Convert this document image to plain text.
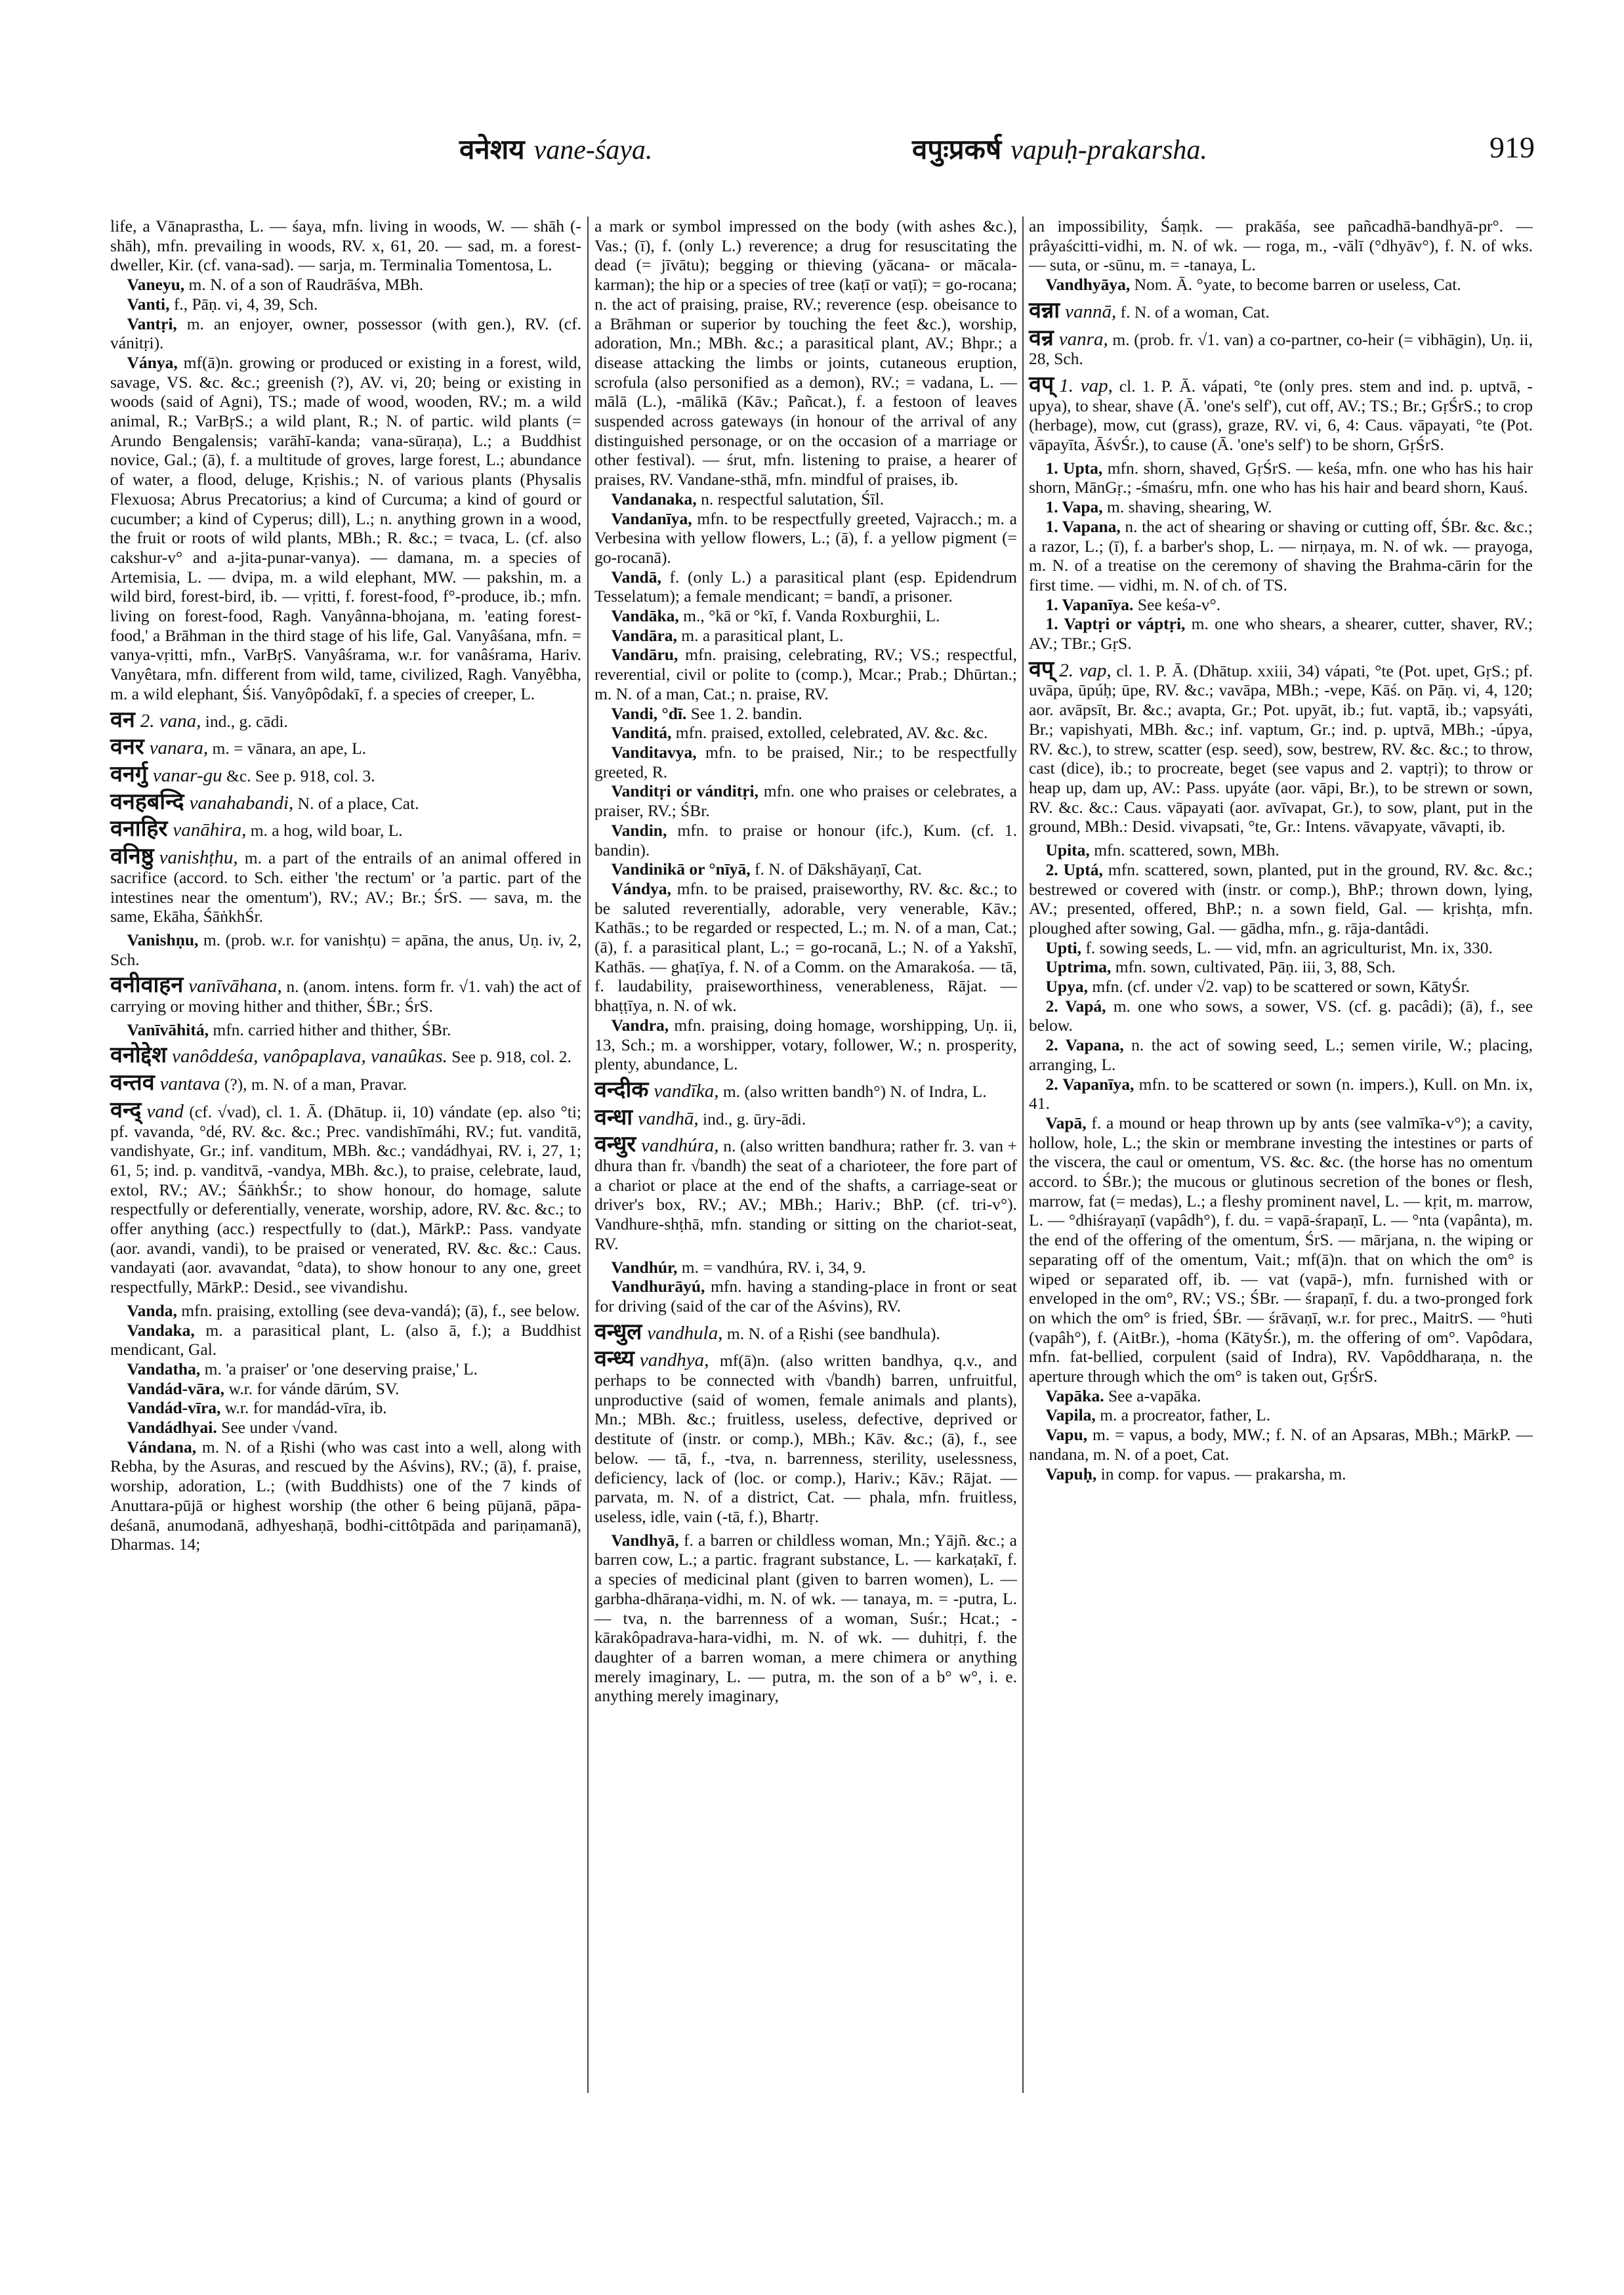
वनेशय vane-śaya.	वपुःप्रकर्ष vapuḥ-prakarsha.	919

life, a Vānaprastha, L. — śaya, mfn. living in woods, W. — shāh (-shāh), mfn. prevailing in woods, RV. x, 61, 20. — sad, m. a forest-dweller, Kir. (cf. vana-sad). — sarja, m. Terminalia Tomentosa, L.

Vaneyu, m. N. of a son of Raudrāśva, MBh.

Vanti, f., Pāṇ. vi, 4, 39, Sch.

Vantṛi, m. an enjoyer, owner, possessor (with gen.), RV. (cf. vánitṛi).

Ványa, mf(ā)n. growing or produced or existing in a forest, wild, savage, VS. &c. &c.; greenish (?), AV. vi, 20; being or existing in woods (said of Agni), TS.; made of wood, wooden, RV.; m. a wild animal, R.; VarBṛS.; a wild plant, R.; N. of partic. wild plants (= Arundo Bengalensis; varāhī-kanda; vana-sūraṇa), L.; a Buddhist novice, Gal.; (ā), f. a multitude of groves, large forest, L.; abundance of water, a flood, deluge, Kṛishis.; N. of various plants (Physalis Flexuosa; Abrus Precatorius; a kind of Curcuma; a kind of gourd or cucumber; a kind of Cyperus; dill), L.; n. anything grown in a wood, the fruit or roots of wild plants, MBh.; R. &c.; = tvaca, L. (cf. also cakshur-v° and a-jita-punar-vanya). — damana, m. a species of Artemisia, L. — dvipa, m. a wild elephant, MW. — pakshin, m. a wild bird, forest-bird, ib. — vṛitti, f. forest-food, f°-produce, ib.; mfn. living on forest-food, Ragh. Vanyânna-bhojana, m. 'eating forest-food,' a Brāhman in the third stage of his life, Gal. Vanyâśana, mfn. = vanya-vṛitti, mfn., VarBṛS. Vanyâśrama, w.r. for vanâśrama, Hariv. Vanyêtara, mfn. different from wild, tame, civilized, Ragh. Vanyêbha, m. a wild elephant, Śiś. Vanyôpôdakī, f. a species of creeper, L.

वन 2. vana, ind., g. cādi.

वनर vanara, m. = vānara, an ape, L.

वनर्गु vanar-gu &c. See p. 918, col. 3.

वनहबन्दि vanahabandi, N. of a place, Cat.

वनाहिर vanāhira, m. a hog, wild boar, L.

वनिष्ठु vanishṭhu, m. a part of the entrails of an animal offered in sacrifice (accord. to Sch. either 'the rectum' or 'a partic. part of the intestines near the omentum'), RV.; AV.; Br.; ŚrS. — sava, m. the same, Ekāha, ŚāṅkhŚr.

Vanishṇu, m. (prob. w.r. for vanishṭu) = apāna, the anus, Uṇ. iv, 2, Sch.

वनीवाहन vanīvāhana, n. (anom. intens. form fr. √1. vah) the act of carrying or moving hither and thither, ŚBr.; ŚrS.

Vanīvāhitá, mfn. carried hither and thither, ŚBr.

वनोद्देश vanôddeśa, vanôpaplava, vanaûkas. See p. 918, col. 2.

वन्तव vantava (?), m. N. of a man, Pravar.

वन्द् vand (cf. √vad), cl. 1. Ā. (Dhātup. ii, 10) vándate (ep. also °ti; pf. vavanda, °dé, RV. &c. &c.; Prec. vandishīmáhi, RV.; fut. vanditā, vandishyate, Gr.; inf. vanditum, MBh. &c.; vandádhyai, RV. i, 27, 1; 61, 5; ind. p. vanditvā, -vandya, MBh. &c.), to praise, celebrate, laud, extol, RV.; AV.; ŚāṅkhŚr.; to show honour, do homage, salute respectfully or deferentially, venerate, worship, adore, RV. &c. &c.; to offer anything (acc.) respectfully to (dat.), MārkP.: Pass. vandyate (aor. avandi, vandi), to be praised or venerated, RV. &c. &c.: Caus. vandayati (aor. avavandat, °data), to show honour to any one, greet respectfully, MārkP.: Desid., see vivandishu.

Vanda, mfn. praising, extolling (see deva-vandá); (ā), f., see below.

Vandaka, m. a parasitical plant, L. (also ā, f.); a Buddhist mendicant, Gal.

Vandatha, m. 'a praiser' or 'one deserving praise,' L.

Vandád-vāra, w.r. for vánde dārúm, SV.

Vandád-vīra, w.r. for mandád-vīra, ib.

Vandádhyai. See under √vand.

Vándana, m. N. of a Ṛishi (who was cast into a well, along with Rebha, by the Asuras, and rescued by the Aśvins), RV.; (ā), f. praise, worship, adoration, L.; (with Buddhists) one of the 7 kinds of Anuttara-pūjā or highest worship (the other 6 being pūjanā, pāpa-deśanā, anumodanā, adhyeshaṇā, bodhi-cittôtpāda and pariṇamanā), Dharmas. 14;

a mark or symbol impressed on the body (with ashes &c.), Vas.; (ī), f. (only L.) reverence; a drug for resuscitating the dead (= jīvātu); begging or thieving (yācana- or mācala-karman); the hip or a species of tree (kaṭī or vaṭī); = go-rocana; n. the act of praising, praise, RV.; reverence (esp. obeisance to a Brāhman or superior by touching the feet &c.), worship, adoration, Mn.; MBh. &c.; a parasitical plant, AV.; Bhpr.; a disease attacking the limbs or joints, cutaneous eruption, scrofula (also personified as a demon), RV.; = vadana, L. — mālā (L.), -mālikā (Kāv.; Pañcat.), f. a festoon of leaves suspended across gateways (in honour of the arrival of any distinguished personage, or on the occasion of a marriage or other festival). — śrut, mfn. listening to praise, a hearer of praises, RV. Vandane-sthā, mfn. mindful of praises, ib.

Vandanaka, n. respectful salutation, Śīl.

Vandanīya, mfn. to be respectfully greeted, Vajracch.; m. a Verbesina with yellow flowers, L.; (ā), f. a yellow pigment (= go-rocanā).

Vandā, f. (only L.) a parasitical plant (esp. Epidendrum Tesselatum); a female mendicant; = bandī, a prisoner.

Vandāka, m., °kā or °kī, f. Vanda Roxburghii, L.

Vandāra, m. a parasitical plant, L.

Vandāru, mfn. praising, celebrating, RV.; VS.; respectful, reverential, civil or polite to (comp.), Mcar.; Prab.; Dhūrtan.; m. N. of a man, Cat.; n. praise, RV.

Vandi, °dī. See 1. 2. bandin.

Vanditá, mfn. praised, extolled, celebrated, AV. &c. &c.

Vanditavya, mfn. to be praised, Nir.; to be respectfully greeted, R.

Vanditṛi or vánditṛi, mfn. one who praises or celebrates, a praiser, RV.; ŚBr.

Vandin, mfn. to praise or honour (ifc.), Kum. (cf. 1. bandin).

Vandinikā or °nīyā, f. N. of Dākshāyaṇī, Cat.

Vándya, mfn. to be praised, praiseworthy, RV. &c. &c.; to be saluted reverentially, adorable, very venerable, Kāv.; Kathās.; to be regarded or respected, L.; m. N. of a man, Cat.; (ā), f. a parasitical plant, L.; = go-rocanā, L.; N. of a Yakshī, Kathās. — ghaṭīya, f. N. of a Comm. on the Amarakośa. — tā, f. laudability, praiseworthiness, venerableness, Rājat. — bhaṭṭīya, n. N. of wk.

Vandra, mfn. praising, doing homage, worshipping, Uṇ. ii, 13, Sch.; m. a worshipper, votary, follower, W.; n. prosperity, plenty, abundance, L.

वन्दीक vandīka, m. (also written bandh°) N. of Indra, L.

वन्धा vandhā, ind., g. ūry-ādi.

वन्धुर vandhúra, n. (also written bandhura; rather fr. 3. van + dhura than fr. √bandh) the seat of a charioteer, the fore part of a chariot or place at the end of the shafts, a carriage-seat or driver's box, RV.; AV.; MBh.; Hariv.; BhP. (cf. tri-v°). Vandhure-shṭhā, mfn. standing or sitting on the chariot-seat, RV.

Vandhúr, m. = vandhúra, RV. i, 34, 9.

Vandhurāyú, mfn. having a standing-place in front or seat for driving (said of the car of the Aśvins), RV.

वन्धुल vandhula, m. N. of a Ṛishi (see bandhula).

वन्ध्य vandhya, mf(ā)n. (also written bandhya, q.v., and perhaps to be connected with √bandh) barren, unfruitful, unproductive (said of women, female animals and plants), Mn.; MBh. &c.; fruitless, useless, defective, deprived or destitute of (instr. or comp.), MBh.; Kāv. &c.; (ā), f., see below. — tā, f., -tva, n. barrenness, sterility, uselessness, deficiency, lack of (loc. or comp.), Hariv.; Kāv.; Rājat. — parvata, m. N. of a district, Cat. — phala, mfn. fruitless, useless, idle, vain (-tā, f.), Bhartṛ.

Vandhyā, f. a barren or childless woman, Mn.; Yājñ. &c.; a barren cow, L.; a partic. fragrant substance, L. — karkaṭakī, f. a species of medicinal plant (given to barren women), L. — garbha-dhāraṇa-vidhi, m. N. of wk. — tanaya, m. = -putra, L. — tva, n. the barrenness of a woman, Suśr.; Hcat.; -kārakôpadrava-hara-vidhi, m. N. of wk. — duhitṛi, f. the daughter of a barren woman, a mere chimera or anything merely imaginary, L. — putra, m. the son of a b° w°, i. e. anything merely imaginary,

an impossibility, Śaṃk. — prakāśa, see pañcadhā-bandhyā-pr°. — prâyaścitti-vidhi, m. N. of wk. — roga, m., -vālī (°dhyāv°), f. N. of wks. — suta, or -sūnu, m. = -tanaya, L.

Vandhyāya, Nom. Ā. °yate, to become barren or useless, Cat.

वन्ना vannā, f. N. of a woman, Cat.

वन्र vanra, m. (prob. fr. √1. van) a co-partner, co-heir (= vibhāgin), Uṇ. ii, 28, Sch.

वप् 1. vap, cl. 1. P. Ā. vápati, °te (only pres. stem and ind. p. uptvā, -upya), to shear, shave (Ā. 'one's self'), cut off, AV.; TS.; Br.; GṛŚrS.; to crop (herbage), mow, cut (grass), graze, RV. vi, 6, 4: Caus. vāpayati, °te (Pot. vāpayīta, ĀśvŚr.), to cause (Ā. 'one's self') to be shorn, GṛŚrS.

1. Upta, mfn. shorn, shaved, GṛŚrS. — keśa, mfn. one who has his hair shorn, MānGṛ.; -śmaśru, mfn. one who has his hair and beard shorn, Kauś.

1. Vapa, m. shaving, shearing, W.

1. Vapana, n. the act of shearing or shaving or cutting off, ŚBr. &c. &c.; a razor, L.; (ī), f. a barber's shop, L. — nirṇaya, m. N. of wk. — prayoga, m. N. of a treatise on the ceremony of shaving the Brahma-cārin for the first time. — vidhi, m. N. of ch. of TS.

1. Vapanīya. See keśa-v°.

1. Vaptṛi or váptṛi, m. one who shears, a shearer, cutter, shaver, RV.; AV.; TBr.; GṛS.

वप् 2. vap, cl. 1. P. Ā. (Dhātup. xxiii, 34) vápati, °te (Pot. upet, GṛS.; pf. uvāpa, ūpúḥ; ūpe, RV. &c.; vavāpa, MBh.; -vepe, Kāś. on Pāṇ. vi, 4, 120; aor. avāpsīt, Br. &c.; avapta, Gr.; Pot. upyāt, ib.; fut. vaptā, ib.; vapsyáti, Br.; vapishyati, MBh. &c.; inf. vaptum, Gr.; ind. p. uptvā, MBh.; -úpya, RV. &c.), to strew, scatter (esp. seed), sow, bestrew, RV. &c. &c.; to throw, cast (dice), ib.; to procreate, beget (see vapus and 2. vaptṛi); to throw or heap up, dam up, AV.: Pass. upyáte (aor. vāpi, Br.), to be strewn or sown, RV. &c. &c.: Caus. vāpayati (aor. avīvapat, Gr.), to sow, plant, put in the ground, MBh.: Desid. vivapsati, °te, Gr.: Intens. vāvapyate, vāvapti, ib.

Upita, mfn. scattered, sown, MBh.

2. Uptá, mfn. scattered, sown, planted, put in the ground, RV. &c. &c.; bestrewed or covered with (instr. or comp.), BhP.; thrown down, lying, AV.; presented, offered, BhP.; n. a sown field, Gal. — kṛishṭa, mfn. ploughed after sowing, Gal. — gādha, mfn., g. rāja-dantâdi.

Upti, f. sowing seeds, L. — vid, mfn. an agriculturist, Mn. ix, 330.

Uptrima, mfn. sown, cultivated, Pāṇ. iii, 3, 88, Sch.

Upya, mfn. (cf. under √2. vap) to be scattered or sown, KātyŚr.

2. Vapá, m. one who sows, a sower, VS. (cf. g. pacâdi); (ā), f., see below.

2. Vapana, n. the act of sowing seed, L.; semen virile, W.; placing, arranging, L.

2. Vapanīya, mfn. to be scattered or sown (n. impers.), Kull. on Mn. ix, 41.

Vapā, f. a mound or heap thrown up by ants (see valmīka-v°); a cavity, hollow, hole, L.; the skin or membrane investing the intestines or parts of the viscera, the caul or omentum, VS. &c. &c. (the horse has no omentum accord. to ŚBr.); the mucous or glutinous secretion of the bones or flesh, marrow, fat (= medas), L.; a fleshy prominent navel, L. — kṛit, m. marrow, L. — °dhiśrayaṇī (vapâdh°), f. du. = vapā-śrapaṇī, L. — °nta (vapânta), m. the end of the offering of the omentum, ŚrS. — mārjana, n. the wiping or separating off of the omentum, Vait.; mf(ā)n. that on which the om° is wiped or separated off, ib. — vat (vapā-), mfn. furnished with or enveloped in the om°, RV.; VS.; ŚBr. — śrapaṇī, f. du. a two-pronged fork on which the om° is fried, ŚBr. — śrāvaṇī, w.r. for prec., MaitrS. — °huti (vapâh°), f. (AitBr.), -homa (KātyŚr.), m. the offering of om°. Vapôdara, mfn. fat-bellied, corpulent (said of Indra), RV. Vapôddharaṇa, n. the aperture through which the om° is taken out, GṛŚrS.

Vapāka. See a-vapāka.

Vapila, m. a procreator, father, L.

Vapu, m. = vapus, a body, MW.; f. N. of an Apsaras, MBh.; MārkP. — nandana, m. N. of a poet, Cat.

Vapuḥ, in comp. for vapus. — prakarsha, m.
